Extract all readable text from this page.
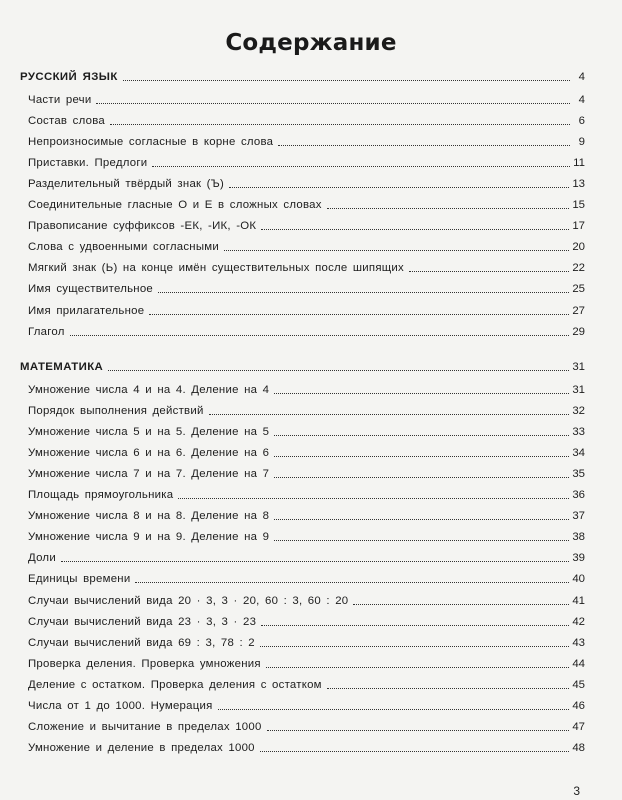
Содержание
РУССКИЙ ЯЗЫК	4
Части речи	4
Состав слова	6
Непроизносимые согласные в корне слова	9
Приставки. Предлоги	11
Разделительный твёрдый знак (Ъ)	13
Соединительные гласные О и Е в сложных словах	15
Правописание суффиксов -ЕК, -ИК, -ОК	17
Слова с удвоенными согласными	20
Мягкий знак (Ь) на конце имён существительных после шипящих	22
Имя существительное	25
Имя прилагательное	27
Глагол	29
МАТЕМАТИКА	31
Умножение числа 4 и на 4. Деление на 4	31
Порядок выполнения действий	32
Умножение числа 5 и на 5. Деление на 5	33
Умножение числа 6 и на 6. Деление на 6	34
Умножение числа 7 и на 7. Деление на 7	35
Площадь прямоугольника	36
Умножение числа 8 и на 8. Деление на 8	37
Умножение числа 9 и на 9. Деление на 9	38
Доли	39
Единицы времени	40
Случаи вычислений вида 20 · 3, 3 · 20, 60 : 3, 60 : 20	41
Случаи вычислений вида 23 · 3, 3 · 23	42
Случаи вычислений вида 69 : 3, 78 : 2	43
Проверка деления. Проверка умножения	44
Деление с остатком. Проверка деления с остатком	45
Числа от 1 до 1000. Нумерация	46
Сложение и вычитание в пределах 1000	47
Умножение и деление в пределах 1000	48
3
